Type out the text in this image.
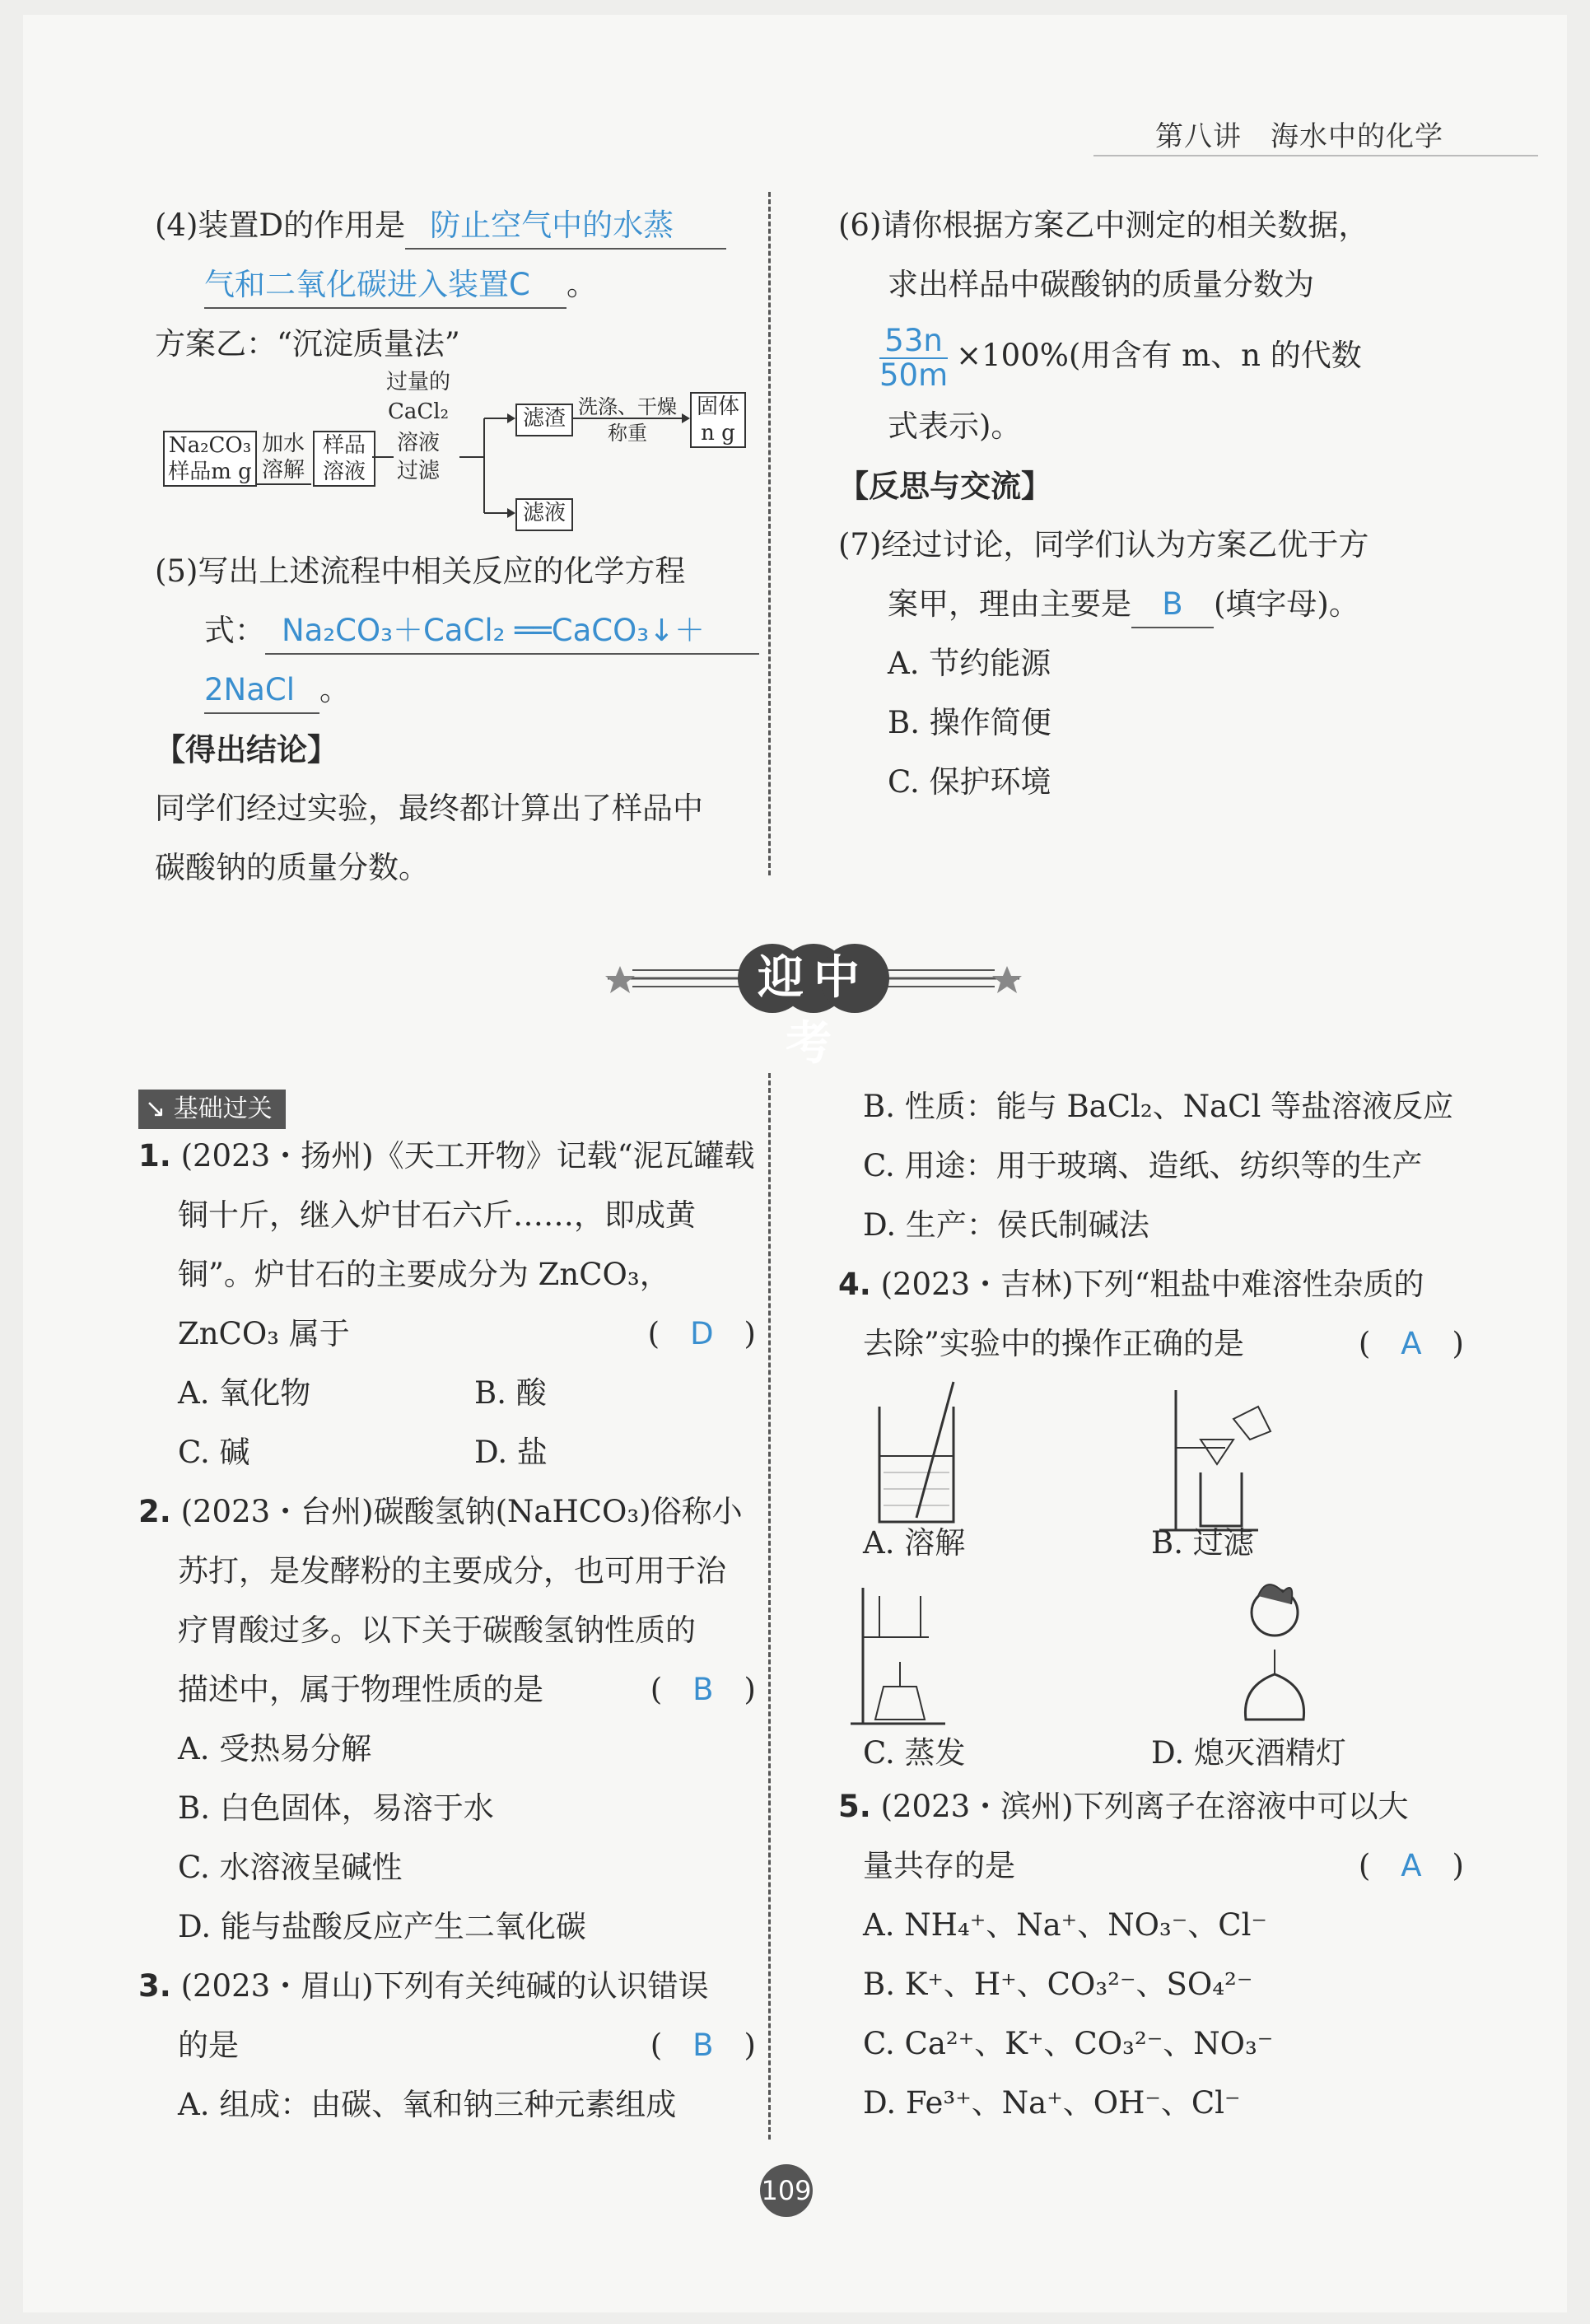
第八讲　海水中的化学
(4)装置D的作用是 防止空气中的水蒸
气和二氧化碳进入装置C 。
方案乙：“沉淀质量法”
Na₂CO₃
样品m g
加水
溶解
样品
溶液
过量的
CaCl₂
溶液
过滤
滤渣 洗涤、干燥
称重
固体
n g
滤液
(5)写出上述流程中相关反应的化学方程
式： Na₂CO₃＋CaCl₂ ══CaCO₃↓＋
2NaCl 。
【得出结论】
同学们经过实验，最终都计算出了样品中
碳酸钠的质量分数。
(6)请你根据方案乙中测定的相关数据，
求出样品中碳酸钠的质量分数为
$\frac{53n}{50m} \times 100\%$(用含有 m、n 的代数
式表示)。
【反思与交流】
(7)经过讨论，同学们认为方案乙优于方
案甲，理由主要是 B (填字母)。
A. 节约能源
B. 操作简便
C. 保护环境
迎中考
↘ 基础过关
1. (2023・扬州)《天工开物》记载“泥瓦罐载
铜十斤，继入炉甘石六斤……，即成黄
铜”。炉甘石的主要成分为 ZnCO₃，
ZnCO₃ 属于	(　D　)
A. 氧化物	B. 酸
C. 碱	D. 盐
2. (2023・台州)碳酸氢钠(NaHCO₃)俗称小
苏打，是发酵粉的主要成分，也可用于治
疗胃酸过多。以下关于碳酸氢钠性质的
描述中，属于物理性质的是	(　B　)
A. 受热易分解
B. 白色固体，易溶于水
C. 水溶液呈碱性
D. 能与盐酸反应产生二氧化碳
3. (2023・眉山)下列有关纯碱的认识错误
的是	(　B　)
A. 组成：由碳、氧和钠三种元素组成
B. 性质：能与 BaCl₂、NaCl 等盐溶液反应
C. 用途：用于玻璃、造纸、纺织等的生产
D. 生产：侯氏制碱法
4. (2023・吉林)下列“粗盐中难溶性杂质的
去除”实验中的操作正确的是	(　A　)
A. 溶解	B. 过滤
C. 蒸发	D. 熄灭酒精灯
5. (2023・滨州)下列离子在溶液中可以大
量共存的是	(　A　)
A. NH₄⁺、Na⁺、NO₃⁻、Cl⁻
B. K⁺、H⁺、CO₃²⁻、SO₄²⁻
C. Ca²⁺、K⁺、CO₃²⁻、NO₃⁻
D. Fe³⁺、Na⁺、OH⁻、Cl⁻
109
